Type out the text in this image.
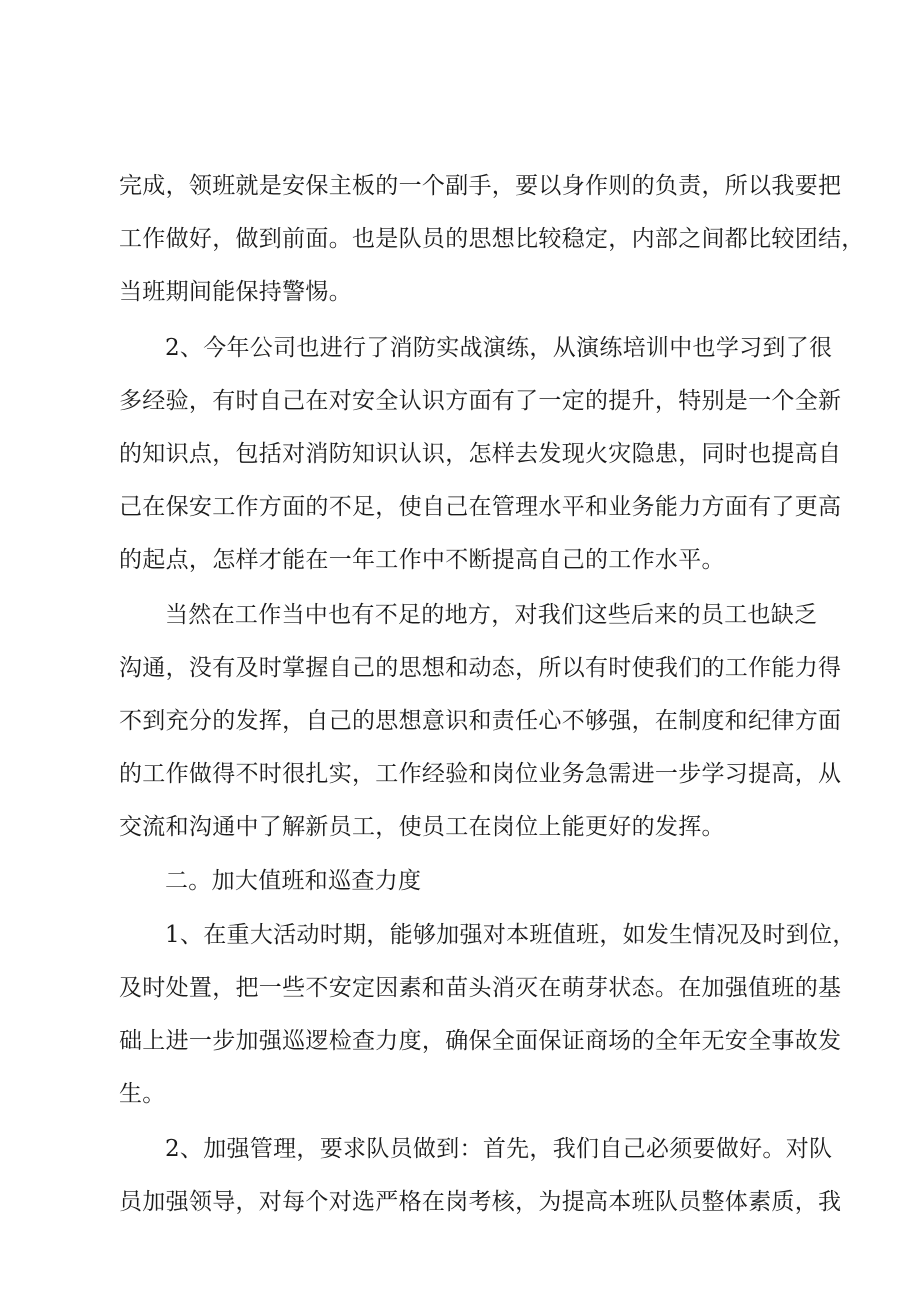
完成，领班就是安保主板的一个副手，要以身作则的负责，所以我要把
工作做好，做到前面。也是队员的思想比较稳定，内部之间都比较团结，
当班期间能保持警惕。
2、今年公司也进行了消防实战演练，从演练培训中也学习到了很
多经验，有时自己在对安全认识方面有了一定的提升，特别是一个全新
的知识点，包括对消防知识认识，怎样去发现火灾隐患，同时也提高自
己在保安工作方面的不足，使自己在管理水平和业务能力方面有了更高
的起点，怎样才能在一年工作中不断提高自己的工作水平。
当然在工作当中也有不足的地方，对我们这些后来的员工也缺乏
沟通，没有及时掌握自己的思想和动态，所以有时使我们的工作能力得
不到充分的发挥，自己的思想意识和责任心不够强，在制度和纪律方面
的工作做得不时很扎实，工作经验和岗位业务急需进一步学习提高，从
交流和沟通中了解新员工，使员工在岗位上能更好的发挥。
二。加大值班和巡查力度
1、在重大活动时期，能够加强对本班值班，如发生情况及时到位，
及时处置，把一些不安定因素和苗头消灭在萌芽状态。在加强值班的基
础上进一步加强巡逻检查力度，确保全面保证商场的全年无安全事故发
生。
2、加强管理，要求队员做到：首先，我们自己必须要做好。对队
员加强领导，对每个对选严格在岗考核，为提高本班队员整体素质，我
